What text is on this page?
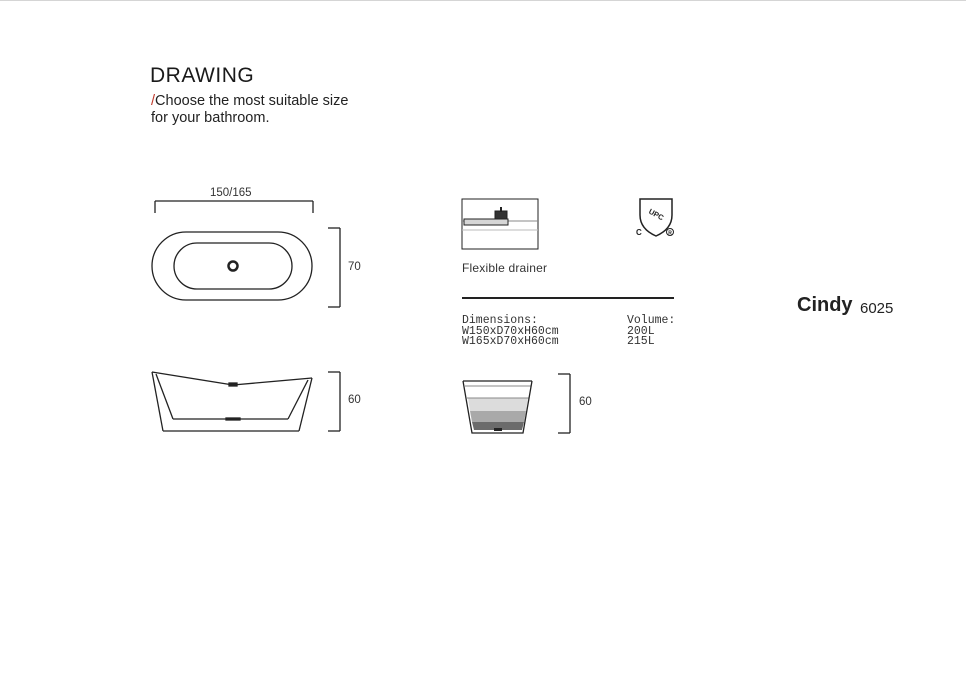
DRAWING
/Choose the most suitable size
for your bathroom.
UPC
C	R
150/165
70
60	60
Flexible drainer
Dimensions:
W150xD70xH60cm
W165xD70xH60cm
Volume:
200L
215L
Cindy 6025
